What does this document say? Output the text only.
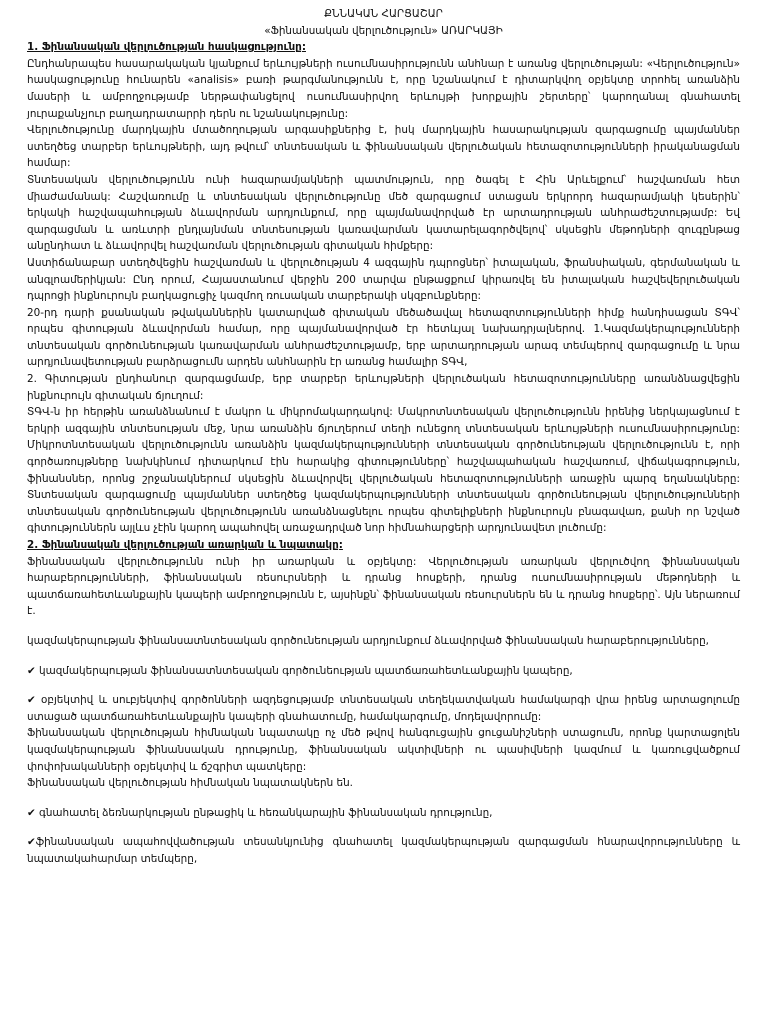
ՔՆՆԱԿԱՆ ՀԱՐՑԱՇԱՐ
«Ֆինանսական վերլուծություն» ԱՌԱՐԿԱՅԻ
1. Ֆինանսական վերլուծության հասկացությունը:

Ընդհանրապես հասարակական կյանքում երևույթների ուսումնասիրությունն անհնար է առանց վերլուծության: «Վերլուծություն» հասկացությունը հունարեն «analisis» բառի թարգմանությունն է, որը նշանակում է դիտարկվող օբյեկտը տրոհել առանձին մասերի և ամբողջությամբ ներթափանցելով ուսումնասիրվող երևույթի խորքային շերտերը՝ կարողանալ գնահատել յուրաքանչյուր բաղադրատարրի դերն ու նշանակությունը:

Վերլուծությունը մարդկային մտածողության արգասիքներից է, իսկ մարդկային հասարակության զարգացումը պայմաններ ստեղծեց տարբեր երևույթների, այդ թվում՝ տնտեսական և ֆինանսական վերլուծական հետազոտությունների իրականացման համար:

Տնտեսական վերլուծությունն ունի հազարամյակների պատմություն, որը ծագել է Հին Արևելքում՝ հաշվառման հետ միաժամանակ: Հաշվառումը և տնտեսական վերլուծությունը մեծ զարգացում ստացան երկրորդ հազարամյակի կեսերին՝ երկակի հաշվապահության ձևավորման արդյունքում, որը պայմանավորված էր արտադրության անհրաժեշտությամբ: Եվ զարգացման և առևտրի ընդլայնման տնտեսության կառավարման կատարելագործվելով՝ սկսեցին մեթոդների զուգընթաց անընդհատ և ձևավորվել հաշվառման վերլուծության գիտական հիմքերը:

Աստիճանաբար ստեղծվեցին հաշվառման և վերլուծության 4 ազգային դպրոցներ՝ իտալական, ֆրանսիական, գերմանական և անգլոամերիկյան: Ընդ որում, Հայաստանում վերջին 200 տարվա ընթացքում կիրառվել են իտալական հաշվեվերլուծական դպրոցի ինքնուրույն բաղկացուցիչ կազմող ռուսական տարբերակի սկզբունքները:

20-րդ դարի քսանական թվականներին կատարված գիտական մեծածավալ հետազոտությունների հիմք հանդիսացան ՏԳՎ՝ որպես գիտության ձևավորման համար, որը պայմանավորված էր հետևյալ նախադրյալներով. 1.Կազմակերպությունների տնտեսական գործունեության կառավարման անհրաժեշտությամբ, երբ արտադրության արագ տեմպերով զարգացումը և նրա արդյունավետության բարձրացումն արդեն անհնարին էր առանց համալիր ՏԳՎ,

2. Գիտության ընդհանուր զարգացմամբ, երբ տարբեր երևույթների վերլուծական հետազոտությունները առանձնացվեցին ինքնուրույն գիտական ճյուղում:

ՏԳՎ-ն իր հերթին առանձնանում է մակրո և միկրոմակարդակով: Մակրոտնտեսական վերլուծությունն իրենից ներկայացնում է երկրի ազգային տնտեսության մեջ, նրա առանձին ճյուղերում տեղի ունեցող տնտեսական երևույթների ուսումնասիրությունը: Միկրոտնտեսական վերլուծությունն առանձին կազմակերպությունների տնտեսական գործունեության վերլուծությունն է, որի գործառույթները նախկինում դիտարկում էին հարակից գիտությունները՝ հաշվապահական հաշվառում, վիճակագրություն, ֆինանսներ, որոնց շրջանակներում սկսեցին ձևավորվել վերլուծական հետազոտությունների առաջին պարզ եղանակները: Տնտեսական զարգացումը պայմաններ ստեղծեց կազմակերպությունների տնտեսական գործունեության վերլուծությունների տնտեսական գործունեության վերլուծությունն առանձնացնելու որպես գիտելիքների ինքնուրույն բնագավառ, քանի որ նշված գիտություններն այլևս չէին կարող ապահովել առաջադրված նոր հիմնահարցերի արդյունավետ լուծումը:

2. Ֆինանսական վերլուծության առարկան և նպատակը:

Ֆինանսական վերլուծությունն ունի իր առարկան և օբյեկտը: Վերլուծության առարկան վերլուծվող ֆինանսական հարաբերությունների, ֆինանսական ռեսուրսների և դրանց հոսքերի, դրանց ուսումնասիրության մեթոդների և պատճառահետևանքային կապերի ամբողջությունն է, այսինքն՝ ֆինանսական ռեսուրսներն են և դրանց հոսքերը՝. Այն ներառում է.

կազմակերպության ֆինանսատնտեսական գործունեության արդյունքում ձևավորված ֆինանսական հարաբերությունները,

✔ կազմակերպության ֆինանսատնտեսական գործունեության պատճառահետևանքային կապերը,

✔ օբյեկտիվ և սուբյեկտիվ գործոնների ազդեցությամբ տնտեսական տեղեկատվական համակարգի վրա իրենց արտացոլումը ստացած պատճառահետևանքային կապերի գնահատումը, համակարգումը, մոդելավորումը:

Ֆինանսական վերլուծության հիմնական նպատակը ոչ մեծ թվով հանգուցային ցուցանիշների ստացումն, որոնք կարտացոլեն կազմակերպության ֆինանսական դրությունը, ֆինանսական ակտիվների ու պասիվների կազմում և կառուցվածքում փոփոխականների օբյեկտիվ և ճշգրիտ պատկերը:

Ֆինանսական վերլուծության հիմնական նպատակներն են.

✔ գնահատել ձեռնարկության ընթացիկ և հեռանկարային ֆինանսական դրությունը,

✔ֆինանսական ապահովվածության տեսանկյունից գնահատել կազմակերպության զարգացման հնարավորությունները և նպատակահարմար տեմպերը,
